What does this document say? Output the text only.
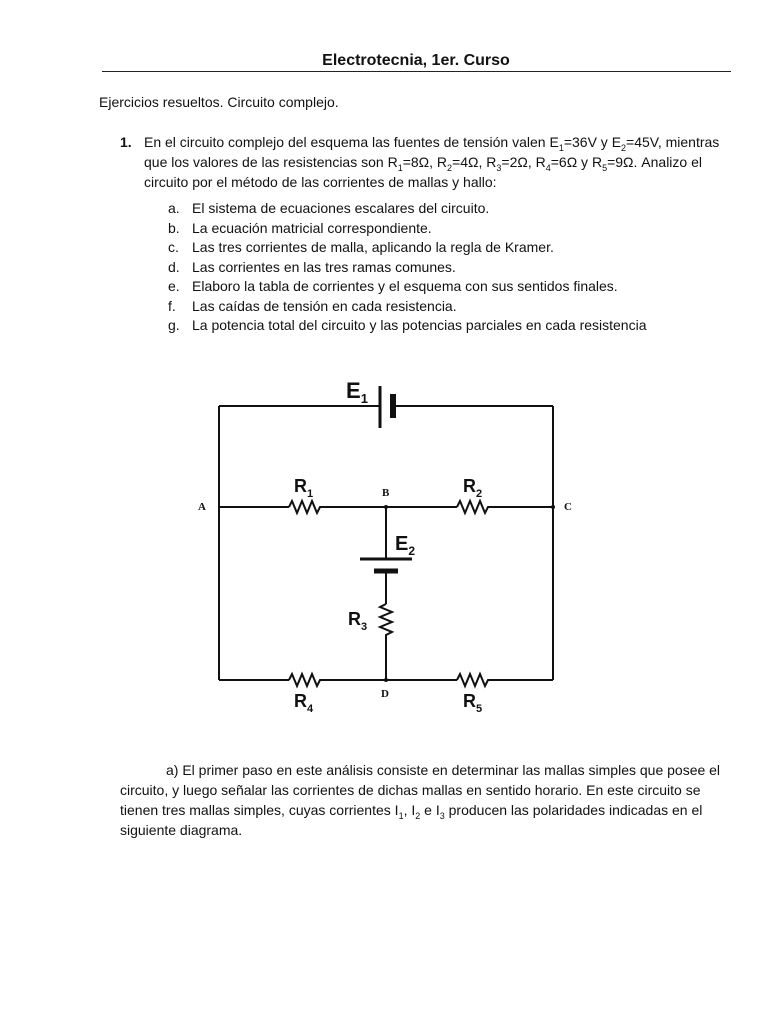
Electrotecnia, 1er. Curso
Ejercicios resueltos. Circuito complejo.
1. En el circuito complejo del esquema las fuentes de tensión valen $E_1=36V$ y $E_2=45V$, mientras que los valores de las resistencias son $R_1=8\Omega$, $R_2=4\Omega$, $R_3=2\Omega$, $R_4=6\Omega$ y $R_5=9\Omega$. Analizo el circuito por el método de las corrientes de mallas y hallo:
a. El sistema de ecuaciones escalares del circuito.
b. La ecuación matricial correspondiente.
c. Las tres corrientes de malla, aplicando la regla de Kramer.
d. Las corrientes en las tres ramas comunes.
e. Elaboro la tabla de corrientes y el esquema con sus sentidos finales.
f.	Las caídas de tensión en cada resistencia.
g. La potencia total del circuito y las potencias parciales en cada resistencia
$E_1$
$R_1$	$R_2$
$E_2$
$R_3$
$R_4$	$R_5$
A
B
C
D
a) El primer paso en este análisis consiste en determinar las mallas simples que posee el circuito, y luego señalar las corrientes de dichas mallas en sentido horario. En este circuito se tienen tres mallas simples, cuyas corrientes $I_1$, $I_2$ e $I_3$ producen las polaridades indicadas en el siguiente diagrama.
